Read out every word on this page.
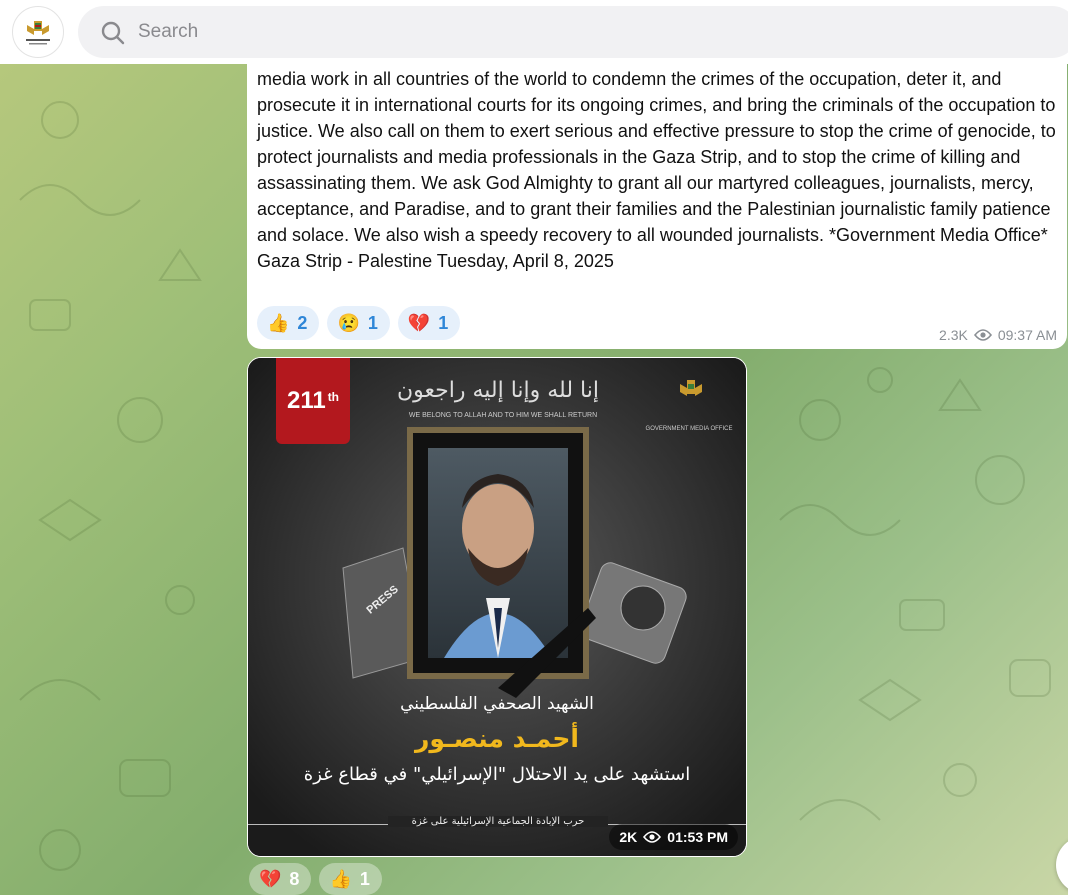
Search
media work in all countries of the world to condemn the crimes of the occupation, deter it, and prosecute it in international courts for its ongoing crimes, and bring the criminals of the occupation to justice. We also call on them to exert serious and effective pressure to stop the crime of genocide, to protect journalists and media professionals in the Gaza Strip, and to stop the crime of killing and assassinating them. We ask God Almighty to grant all our martyred colleagues, journalists, mercy, acceptance, and Paradise, and to grant their families and the Palestinian journalistic family patience and solace. We also wish a speedy recovery to all wounded journalists. *Government Media Office* Gaza Strip - Palestine Tuesday, April 8, 2025
👍 2 😢 1 💔 1
2.3K 09:37 AM
211th	إنا لله وإنا إليه راجعون
WE BELONG TO ALLAH AND TO HIM WE SHALL RETURN
GOVERNMENT MEDIA OFFICE
PRESS
الشهيد الصحفي الفلسطيني
أحمـد منصـور
استشهد على يد الاحتلال "الإسرائيلي" في قطاع غزة
حرب الإبادة الجماعية الإسرائيلية على غزة
2K 01:53 PM
💔 8 👍 1
